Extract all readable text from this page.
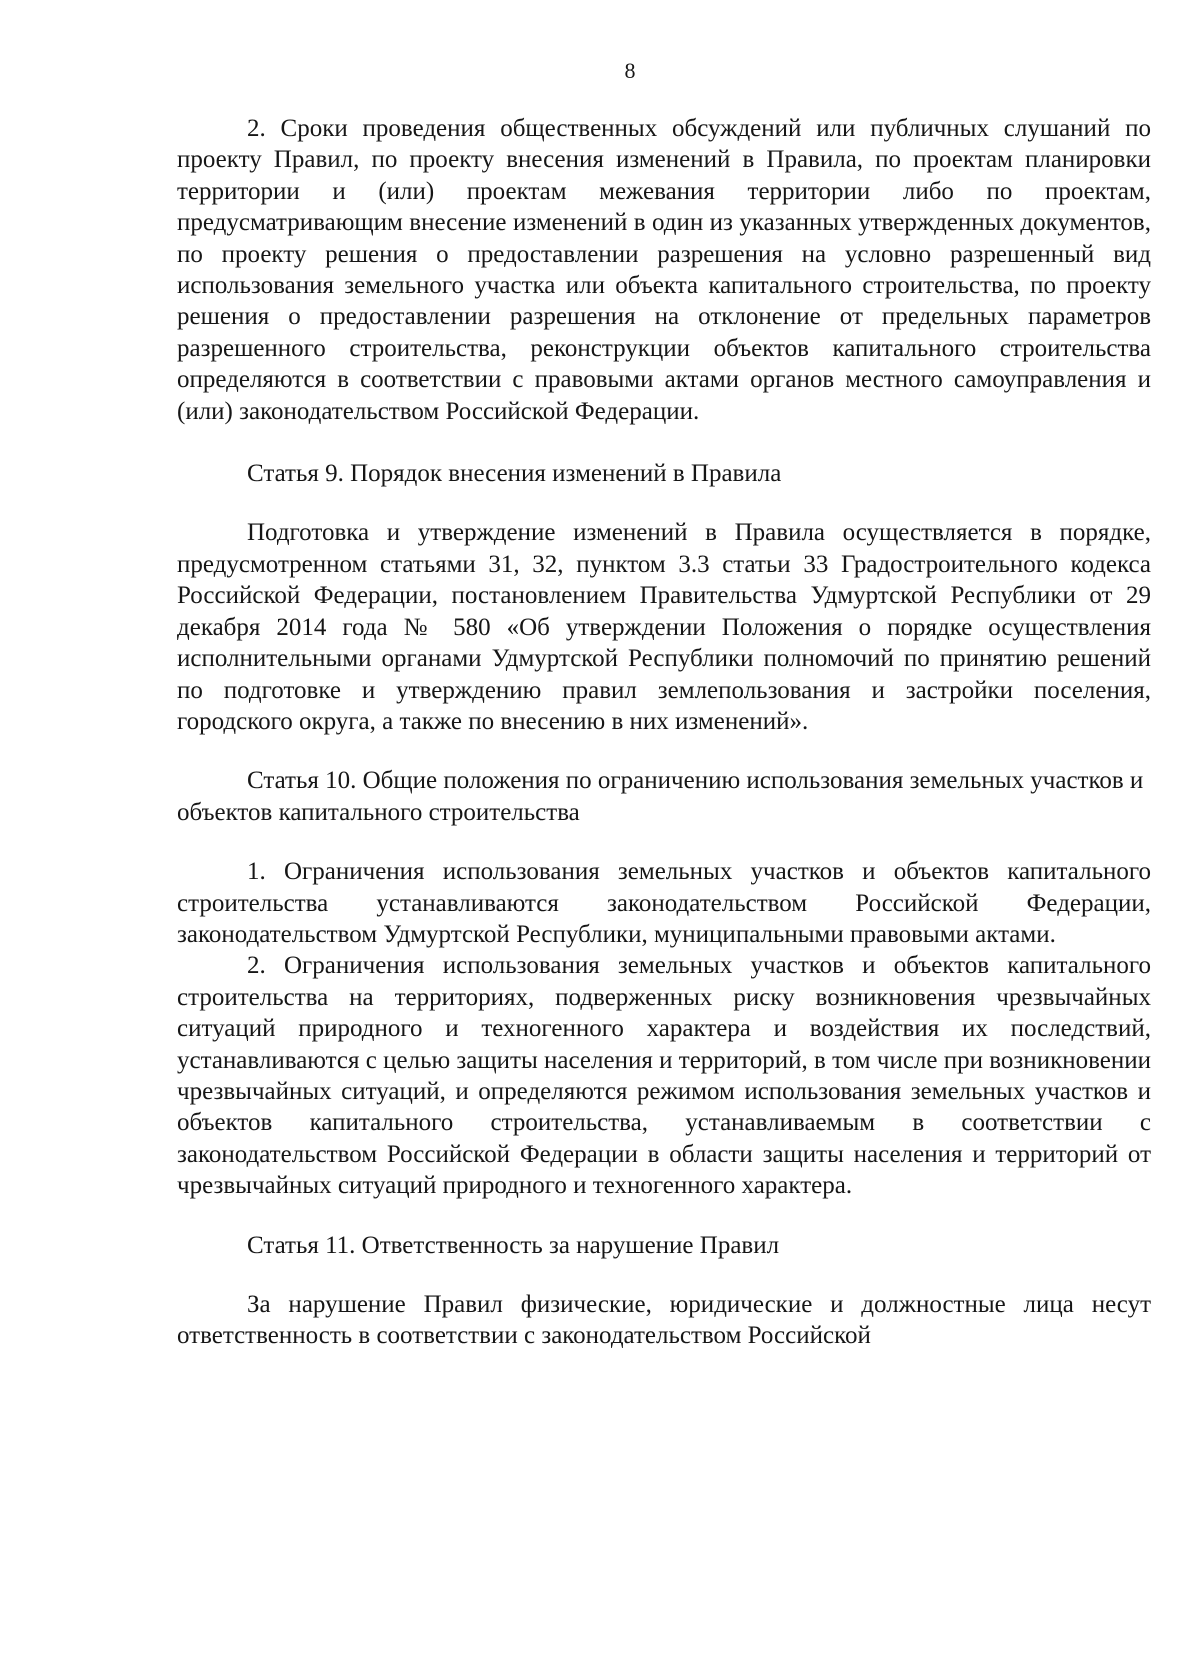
8

2. Сроки проведения общественных обсуждений или публичных слушаний по проекту Правил, по проекту внесения изменений в Правила, по проектам планировки территории и (или) проектам межевания территории либо по проектам, предусматривающим внесение изменений в один из указанных утвержденных документов, по проекту решения о предоставлении разрешения на условно разрешенный вид использования земельного участка или объекта капитального строительства, по проекту решения о предоставлении разрешения на отклонение от предельных параметров разрешенного строительства, реконструкции объектов капитального строительства определяются в соответствии с правовыми актами органов местного самоуправления и (или) законодательством Российской Федерации.

Статья 9. Порядок внесения изменений в Правила

Подготовка и утверждение изменений в Правила осуществляется в порядке, предусмотренном статьями 31, 32, пунктом 3.3 статьи 33 Градостроительного кодекса Российской Федерации, постановлением Правительства Удмуртской Республики от 29 декабря 2014 года № 580 «Об утверждении Положения о порядке осуществления исполнительными органами Удмуртской Республики полномочий по принятию решений по подготовке и утверждению правил землепользования и застройки поселения, городского округа, а также по внесению в них изменений».

Статья 10. Общие положения по ограничению использования земельных участков и объектов капитального строительства

1. Ограничения использования земельных участков и объектов капитального строительства устанавливаются законодательством Российской Федерации, законодательством Удмуртской Республики, муниципальными правовыми актами.

2. Ограничения использования земельных участков и объектов капитального строительства на территориях, подверженных риску возникновения чрезвычайных ситуаций природного и техногенного характера и воздействия их последствий, устанавливаются с целью защиты населения и территорий, в том числе при возникновении чрезвычайных ситуаций, и определяются режимом использования земельных участков и объектов капитального строительства, устанавливаемым в соответствии с законодательством Российской Федерации в области защиты населения и территорий от чрезвычайных ситуаций природного и техногенного характера.

Статья 11. Ответственность за нарушение Правил

За нарушение Правил физические, юридические и должностные лица несут ответственность в соответствии с законодательством Российской
